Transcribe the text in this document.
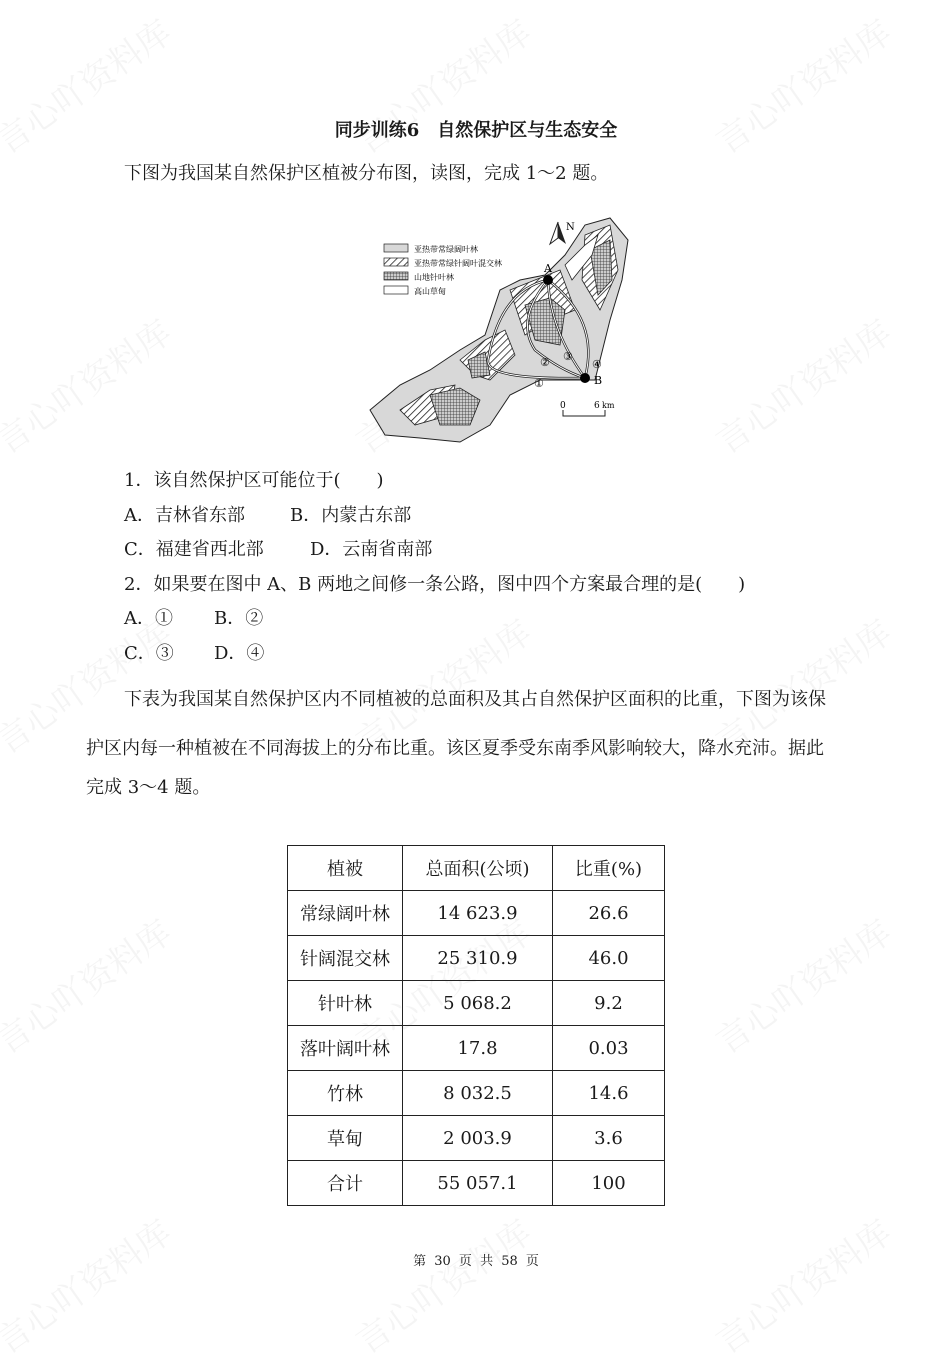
同步训练6　自然保护区与生态安全
下图为我国某自然保护区植被分布图，读图，完成 1～2 题。
A
B
①
② ③
④
N
亚热带常绿阔叶林
亚热带常绿针阔叶混交林
山地针叶林
高山草甸
0	6 km
1．该自然保护区可能位于(　　)
A．吉林省东部	B．内蒙古东部
C．福建省西北部	D．云南省南部
2．如果要在图中 A、B 两地之间修一条公路，图中四个方案最合理的是(　　)
A．① B．②
C．③ D．④
下表为我国某自然保护区内不同植被的总面积及其占自然保护区面积的比重，下图为该保
护区内每一种植被在不同海拔上的分布比重。该区夏季受东南季风影响较大，降水充沛。据此
完成 3～4 题。
植被	总面积(公顷)	比重(%)
常绿阔叶林	14 623.9	26.6
针阔混交林	25 310.9	46.0
针叶林	5 068.2	9.2
落叶阔叶林	17.8	0.03
竹林	8 032.5	14.6
草甸	2 003.9	3.6
合计	55 057.1	100
第 30 页 共 58 页
